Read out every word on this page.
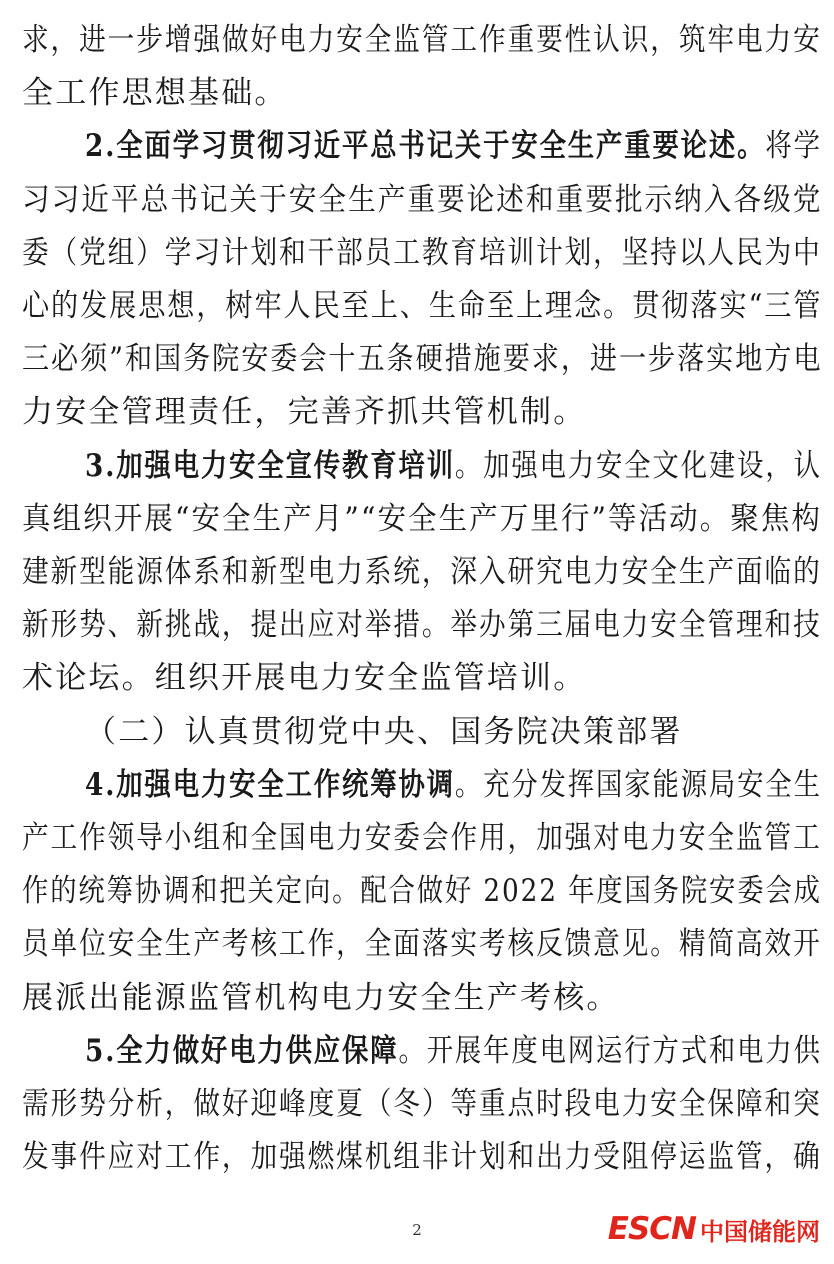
求，进一步增强做好电力安全监管工作重要性认识，筑牢电力安
全工作思想基础。
2.全面学习贯彻习近平总书记关于安全生产重要论述。将学
习习近平总书记关于安全生产重要论述和重要批示纳入各级党
委（党组）学习计划和干部员工教育培训计划，坚持以人民为中
心的发展思想，树牢人民至上、生命至上理念。贯彻落实“三管
三必须”和国务院安委会十五条硬措施要求，进一步落实地方电
力安全管理责任，完善齐抓共管机制。
3.加强电力安全宣传教育培训。加强电力安全文化建设，认
真组织开展“安全生产月”“安全生产万里行”等活动。聚焦构
建新型能源体系和新型电力系统，深入研究电力安全生产面临的
新形势、新挑战，提出应对举措。举办第三届电力安全管理和技
术论坛。组织开展电力安全监管培训。
（二）认真贯彻党中央、国务院决策部署
4.加强电力安全工作统筹协调。充分发挥国家能源局安全生
产工作领导小组和全国电力安委会作用，加强对电力安全监管工
作的统筹协调和把关定向。配合做好 2022 年度国务院安委会成
员单位安全生产考核工作，全面落实考核反馈意见。精简高效开
展派出能源监管机构电力安全生产考核。
5.全力做好电力供应保障。开展年度电网运行方式和电力供
需形势分析，做好迎峰度夏（冬）等重点时段电力安全保障和突
发事件应对工作，加强燃煤机组非计划和出力受阻停运监管，确
2	ESCN 中国储能网
